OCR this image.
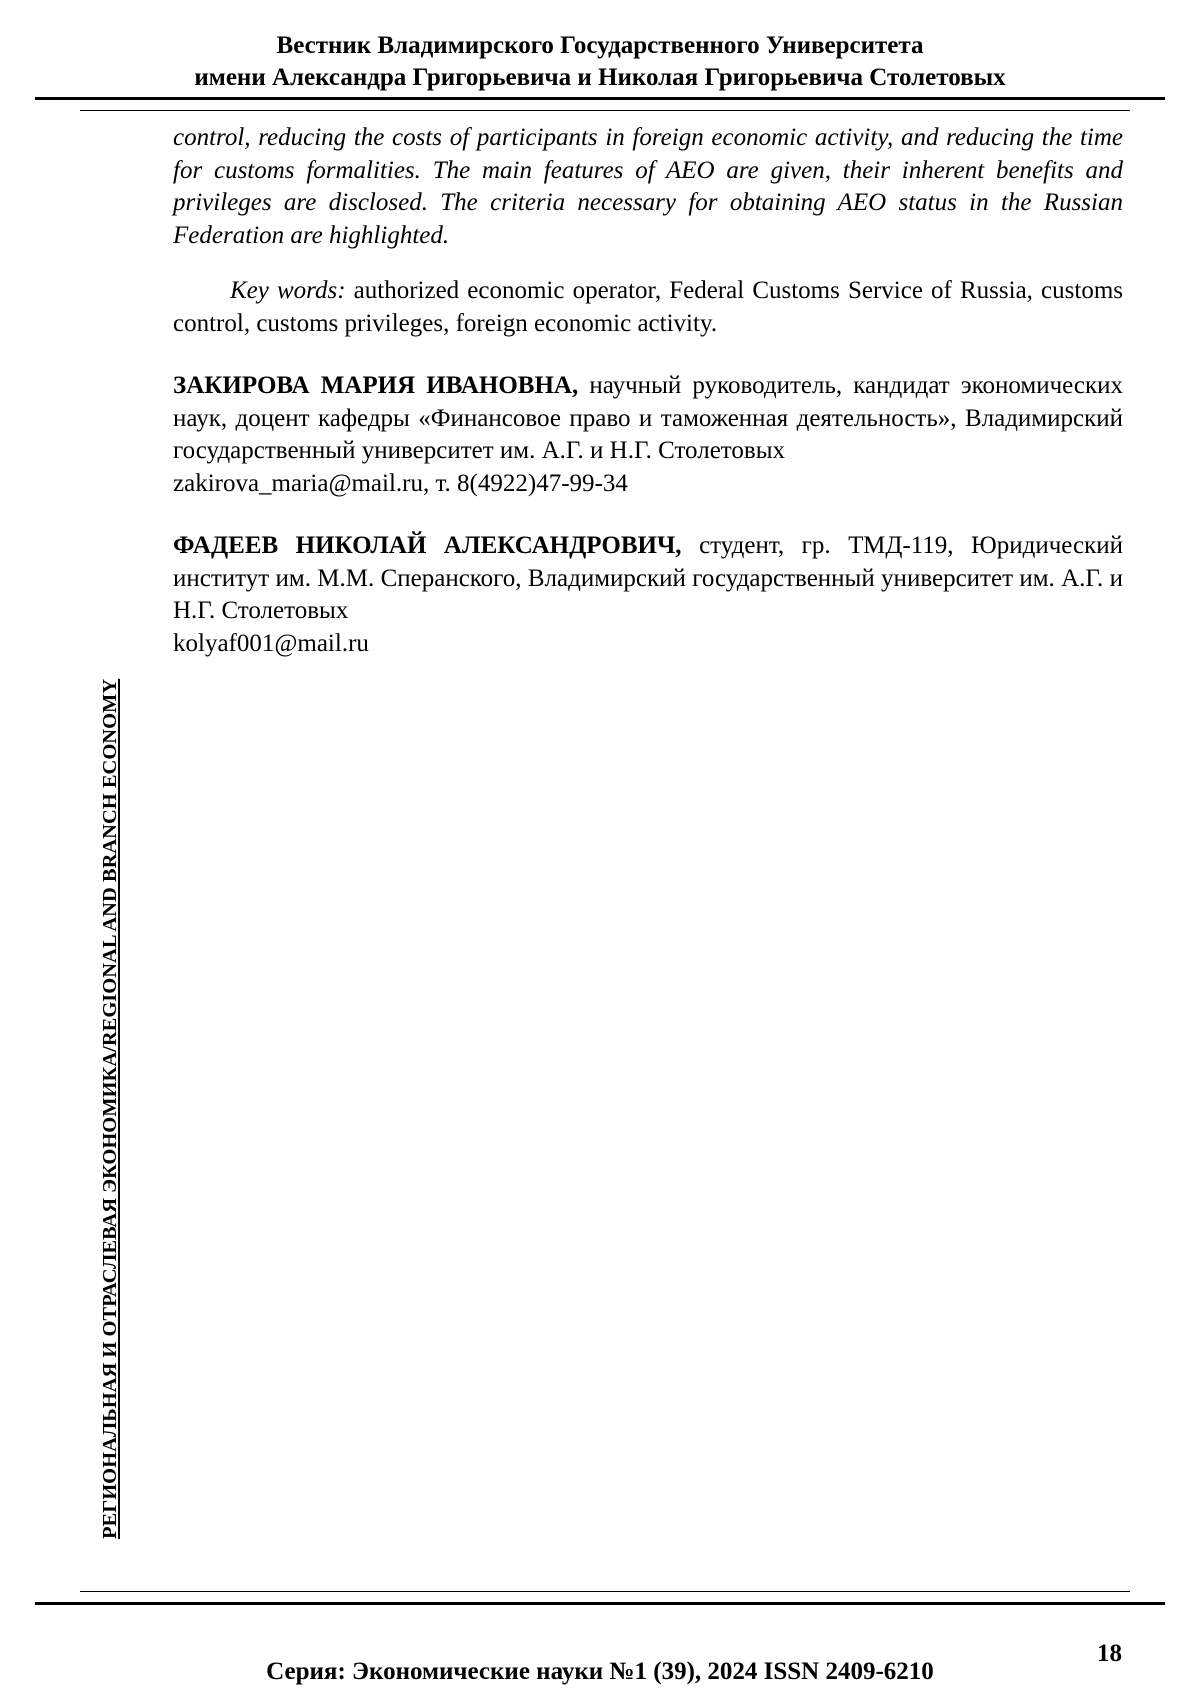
Вестник Владимирского Государственного Университета
имени Александра Григорьевича и Николая Григорьевича Столетовых

control, reducing the costs of participants in foreign economic activity, and reducing the time for customs formalities. The main features of AEO are given, their inherent benefits and privileges are disclosed. The criteria necessary for obtaining AEO status in the Russian Federation are highlighted.

Key words: authorized economic operator, Federal Customs Service of Russia, customs control, customs privileges, foreign economic activity.

ЗАКИРОВА МАРИЯ ИВАНОВНА, научный руководитель, кандидат экономических наук, доцент кафедры «Финансовое право и таможенная деятельность», Владимирский государственный университет им. А.Г. и Н.Г. Столетовых

zakirova_maria@mail.ru, т. 8(4922)47-99-34

ФАДЕЕВ НИКОЛАЙ АЛЕКСАНДРОВИЧ, студент, гр. ТМД-119, Юридический институт им. М.М. Сперанского, Владимирский государственный университет им. А.Г. и Н.Г. Столетовых

kolyaf001@mail.ru
РЕГИОНАЛЬНАЯ И ОТРАСЛЕВАЯ ЭКОНОМИКА/REGIONAL AND BRANCH ECONOMY
18
Серия: Экономические науки №1 (39), 2024 ISSN 2409-6210
